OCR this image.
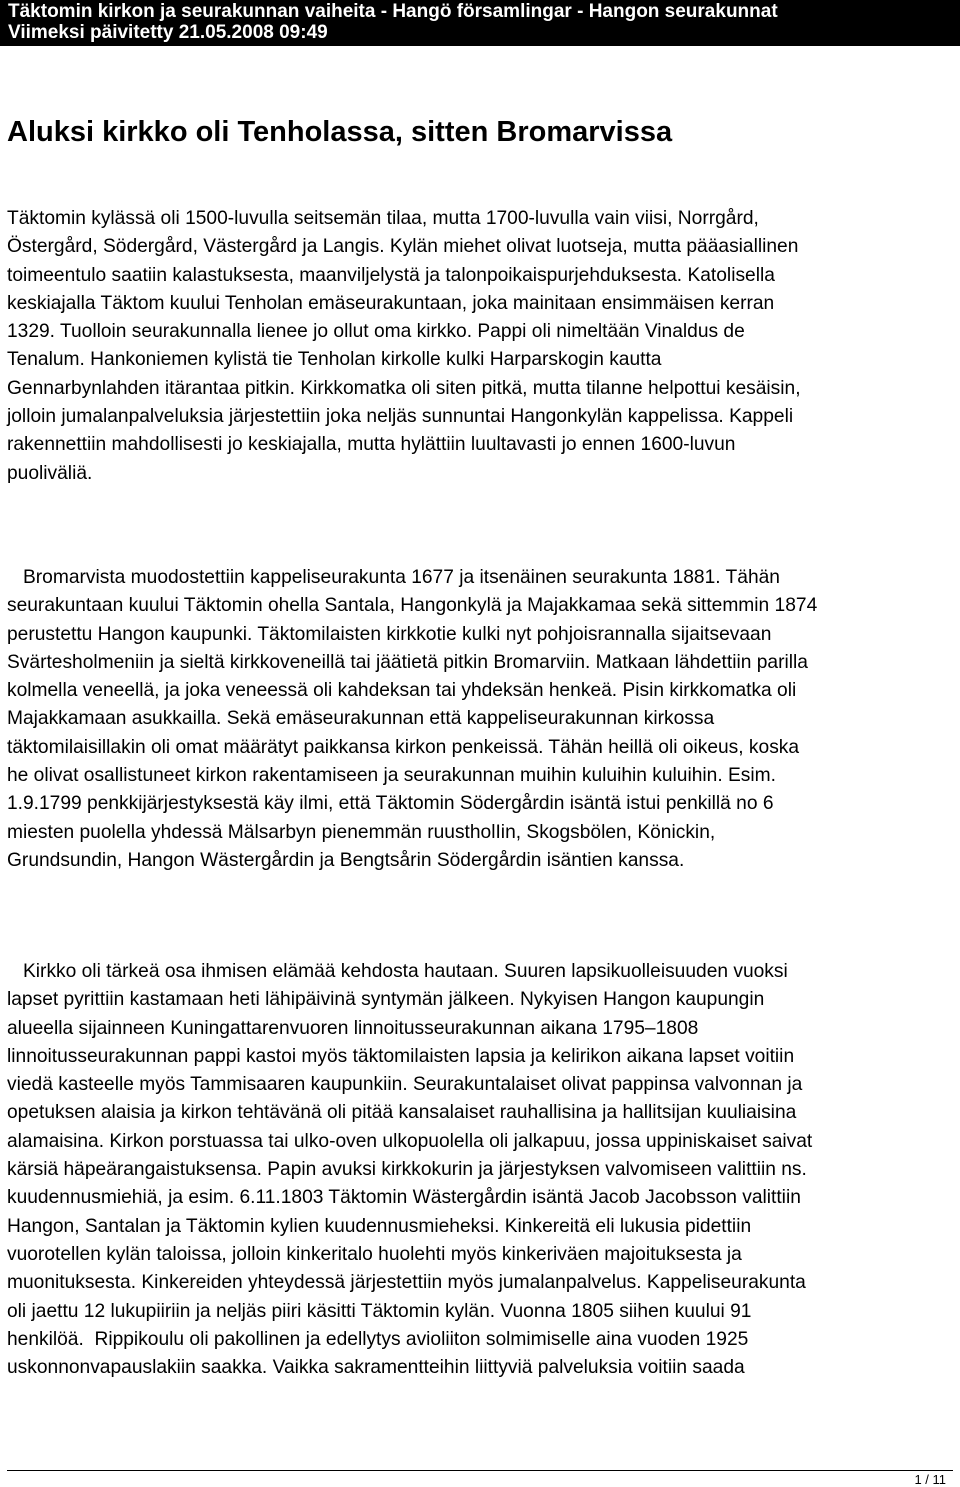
Täktomin kirkon ja seurakunnan vaiheita - Hangö församlingar - Hangon seurakunnat
Viimeksi päivitetty 21.05.2008 09:49
Aluksi kirkko oli Tenholassa, sitten Bromarvissa
Täktomin kylässä oli 1500-luvulla seitsemän tilaa, mutta 1700-luvulla vain viisi, Norrgård,
Östergård, Södergård, Västergård ja Langis. Kylän miehet olivat luotseja, mutta pääasiallinen
toimeentulo saatiin kalastuksesta, maanviljelystä ja talonpoikaispurjehduksesta. Katolisella
keskiajalla Täktom kuului Tenholan emäseurakuntaan, joka mainitaan ensimmäisen kerran
1329. Tuolloin seurakunnalla lienee jo ollut oma kirkko. Pappi oli nimeltään Vinaldus de
Tenalum. Hankoniemen kylistä tie Tenholan kirkolle kulki Harparskogin kautta
Gennarbynlahden itärantaa pitkin. Kirkkomatka oli siten pitkä, mutta tilanne helpottui kesäisin,
jolloin jumalanpalveluksia järjestettiin joka neljäs sunnuntai Hangonkylän kappelissa. Kappeli
rakennettiin mahdollisesti jo keskiajalla, mutta hylättiin luultavasti jo ennen 1600-luvun
puoliväliä.
Bromarvista muodostettiin kappeliseurakunta 1677 ja itsenäinen seurakunta 1881. Tähän
seurakuntaan kuului Täktomin ohella Santala, Hangonkylä ja Majakkamaa sekä sittemmin 1874
perustettu Hangon kaupunki. Täktomilaisten kirkkotie kulki nyt pohjoisrannalla sijaitsevaan
Svärtesholmeniin ja sieltä kirkkoveneillä tai jäätietä pitkin Bromarviin. Matkaan lähdettiin parilla
kolmella veneellä, ja joka veneessä oli kahdeksan tai yhdeksän henkeä. Pisin kirkkomatka oli
Majakkamaan asukkailla. Sekä emäseurakunnan että kappeliseurakunnan kirkossa
täktomilaisillakin oli omat määrätyt paikkansa kirkon penkeissä. Tähän heillä oli oikeus, koska
he olivat osallistuneet kirkon rakentamiseen ja seurakunnan muihin kuluihin kuluihin. Esim.
1.9.1799 penkkijärjestyksestä käy ilmi, että Täktomin Södergårdin isäntä istui penkillä no 6
miesten puolella yhdessä Mälsarbyn pienemmän ruustholIin, Skogsbölen, Könickin,
Grundsundin, Hangon Wästergårdin ja Bengtsårin Södergårdin isäntien kanssa.
Kirkko oli tärkeä osa ihmisen elämää kehdosta hautaan. Suuren lapsikuolleisuuden vuoksi
lapset pyrittiin kastamaan heti lähipäivinä syntymän jälkeen. Nykyisen Hangon kaupungin
alueella sijainneen Kuningattarenvuoren linnoitusseurakunnan aikana 1795–1808
linnoitusseurakunnan pappi kastoi myös täktomilaisten lapsia ja kelirikon aikana lapset voitiin
viedä kasteelle myös Tammisaaren kaupunkiin. Seurakuntalaiset olivat pappinsa valvonnan ja
opetuksen alaisia ja kirkon tehtävänä oli pitää kansalaiset rauhallisina ja hallitsijan kuuliaisina
alamaisina. Kirkon porstuassa tai ulko-oven ulkopuolella oli jalkapuu, jossa uppiniskaiset saivat
kärsiä häpeärangaistuksensa. Papin avuksi kirkkokurin ja järjestyksen valvomiseen valittiin ns.
kuudennusmiehiä, ja esim. 6.11.1803 Täktomin Wästergårdin isäntä Jacob Jacobsson valittiin
Hangon, Santalan ja Täktomin kylien kuudennusmieheksi. Kinkereitä eli lukusia pidettiin
vuorotellen kylän taloissa, jolloin kinkeritalo huolehti myös kinkeriväen majoituksesta ja
muonituksesta. Kinkereiden yhteydessä järjestettiin myös jumalanpalvelus. Kappeliseurakunta
oli jaettu 12 lukupiiriin ja neljäs piiri käsitti Täktomin kylän. Vuonna 1805 siihen kuului 91
henkilöä.  Rippikoulu oli pakollinen ja edellytys avioliiton solmimiselle aina vuoden 1925
uskonnonvapauslakiin saakka. Vaikka sakramentteihin liittyviä palveluksia voitiin saada
1 / 11
